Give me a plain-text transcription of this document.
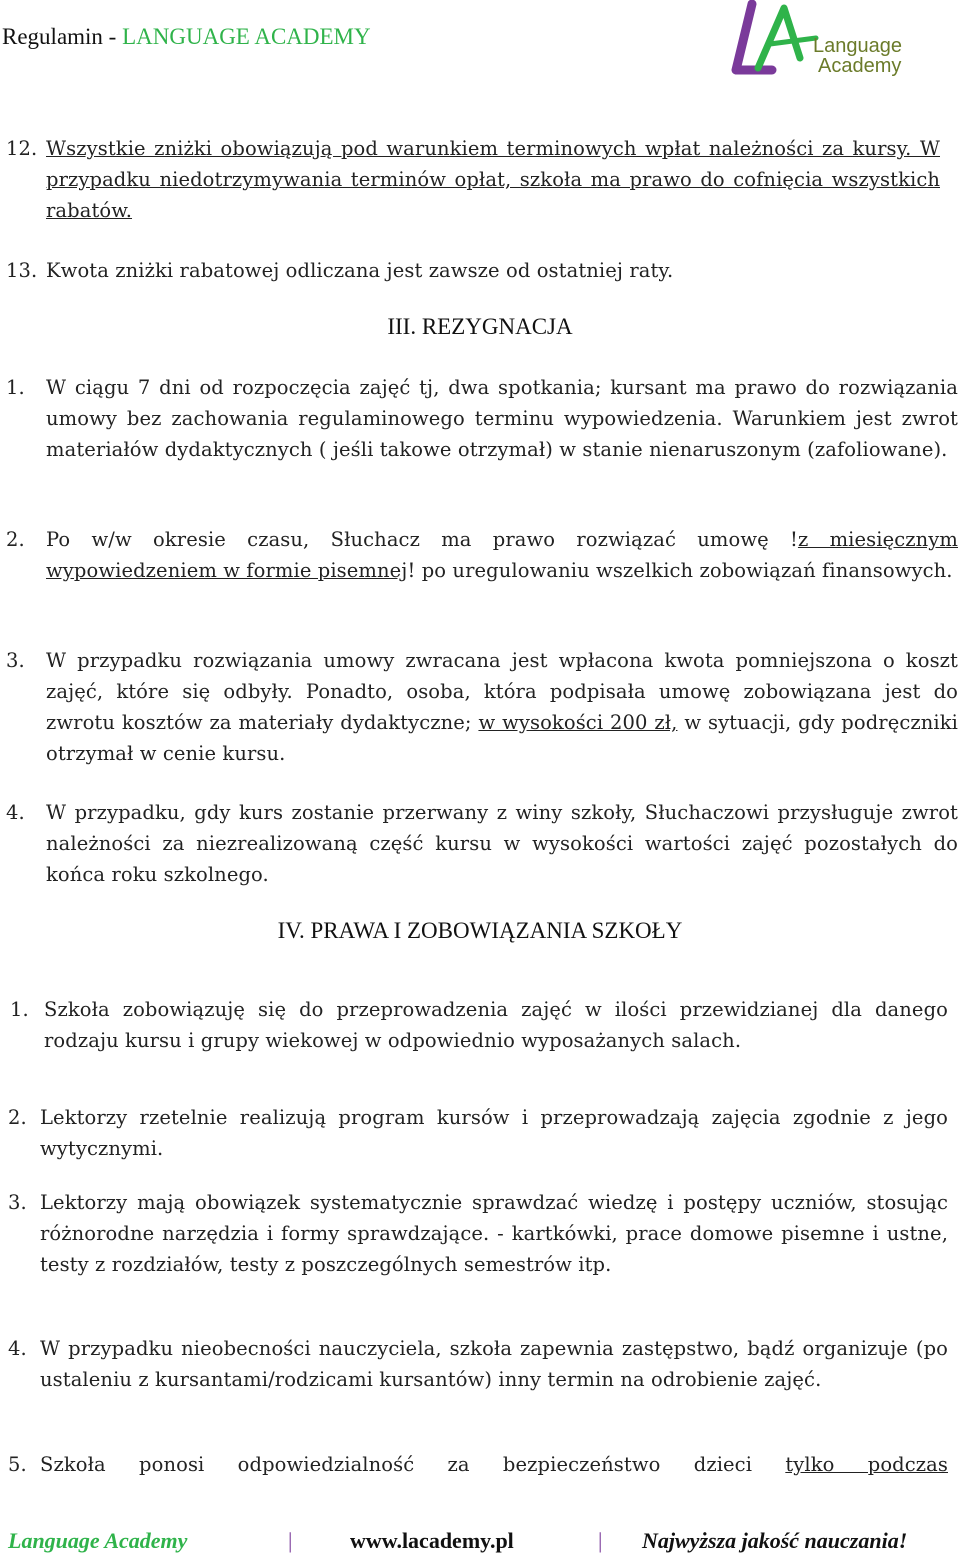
Regulamin - LANGUAGE ACADEMY	Language
Academy
12. Wszystkie zniżki obowiązują pod warunkiem terminowych wpłat należności za kursy. W przypadku niedotrzymywania terminów opłat, szkoła ma prawo do cofnięcia wszystkich rabatów.
13. Kwota zniżki rabatowej odliczana jest zawsze od ostatniej raty.
III. REZYGNACJA
1. W ciągu 7 dni od rozpoczęcia zajęć tj, dwa spotkania; kursant ma prawo do rozwiązania umowy bez zachowania regulaminowego terminu wypowiedzenia. Warunkiem jest zwrot materiałów dydaktycznych ( jeśli takowe otrzymał) w stanie nienaruszonym (zafoliowane).
2. Po w/w okresie czasu, Słuchacz ma prawo rozwiązać umowę !z miesięcznym wypowiedzeniem w formie pisemnej! po uregulowaniu wszelkich zobowiązań finansowych.
3. W przypadku rozwiązania umowy zwracana jest wpłacona kwota pomniejszona o koszt zajęć, które się odbyły. Ponadto, osoba, która podpisała umowę zobowiązana jest do zwrotu kosztów za materiały dydaktyczne; w wysokości 200 zł, w sytuacji, gdy podręczniki otrzymał w cenie kursu.
4. W przypadku, gdy kurs zostanie przerwany z winy szkoły, Słuchaczowi przysługuje zwrot należności za niezrealizowaną część kursu w wysokości wartości zajęć pozostałych do końca roku szkolnego.
IV. PRAWA I ZOBOWIĄZANIA SZKOŁY
1. Szkoła zobowiązuję się do przeprowadzenia zajęć w ilości przewidzianej dla danego rodzaju kursu i grupy wiekowej w odpowiednio wyposażanych salach.
2. Lektorzy rzetelnie realizują program kursów i przeprowadzają zajęcia zgodnie z jego wytycznymi.
3. Lektorzy mają obowiązek systematycznie sprawdzać wiedzę i postępy uczniów, stosując różnorodne narzędzia i formy sprawdzające. - kartkówki, prace domowe pisemne i ustne, testy z rozdziałów, testy z poszczególnych semestrów itp.
4. W przypadku nieobecności nauczyciela, szkoła zapewnia zastępstwo, bądź organizuje (po ustaleniu z kursantami/rodzicami kursantów) inny termin na odrobienie zajęć.
5. Szkoła ponosi odpowiedzialność za bezpieczeństwo dzieci tylko podczas
Language Academy	|	www.lacademy.pl	| Najwyższa jakość nauczania!
